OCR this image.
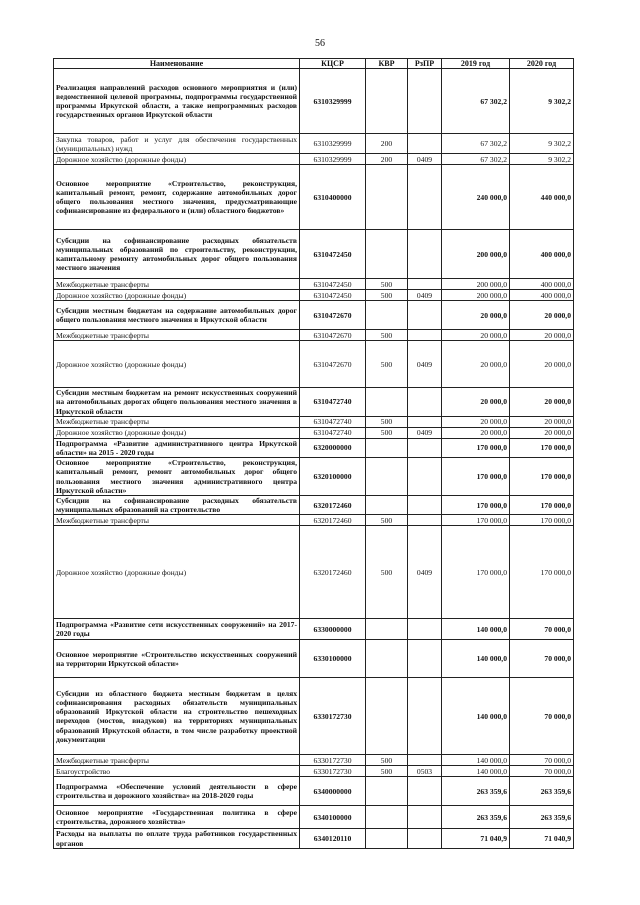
56
Наименование	КЦСР	КВР	РзПР	2019 год	2020 год
Реализация направлений расходов основного мероприятия и (или) ведомственной целевой программы, подпрограммы государственной программы Иркутской области, а также непрограммных расходов государственных органов Иркутской области	6310329999			67 302,2	9 302,2
Закупка товаров, работ и услуг для обеспечения государственных (муниципальных) нужд	6310329999	200		67 302,2	9 302,2
Дорожное хозяйство (дорожные фонды)	6310329999	200	0409	67 302,2	9 302,2
Основное мероприятие «Строительство, реконструкция, капитальный ремонт, ремонт, содержание автомобильных дорог общего пользования местного значения, предусматривающие софинансирование из федерального и (или) областного бюджетов»	6310400000			240 000,0	440 000,0
Субсидии на софинансирование расходных обязательств муниципальных образований по строительству, реконструкции, капитальному ремонту автомобильных дорог общего пользования местного значения	6310472450			200 000,0	400 000,0
Межбюджетные трансферты	6310472450	500		200 000,0	400 000,0
Дорожное хозяйство (дорожные фонды)	6310472450	500	0409	200 000,0	400 000,0
Субсидии местным бюджетам на содержание автомобильных дорог общего пользования местного значения в Иркутской области	6310472670			20 000,0	20 000,0
Межбюджетные трансферты	6310472670	500		20 000,0	20 000,0
Дорожное хозяйство (дорожные фонды)	6310472670	500	0409	20 000,0	20 000,0
Субсидии местным бюджетам на ремонт искусственных сооружений на автомобильных дорогах общего пользования местного значения в Иркутской области	6310472740			20 000,0	20 000,0
Межбюджетные трансферты	6310472740	500		20 000,0	20 000,0
Дорожное хозяйство (дорожные фонды)	6310472740	500	0409	20 000,0	20 000,0
Подпрограмма «Развитие административного центра Иркутской области» на 2015 - 2020 годы	6320000000			170 000,0	170 000,0
Основное мероприятие «Строительство, реконструкция, капитальный ремонт, ремонт автомобильных дорог общего пользования местного значения административного центра Иркутской области»	6320100000			170 000,0	170 000,0
Субсидии на софинансирование расходных обязательств муниципальных образований на строительство	6320172460			170 000,0	170 000,0
Межбюджетные трансферты	6320172460	500		170 000,0	170 000,0
Дорожное хозяйство (дорожные фонды)	6320172460	500	0409	170 000,0	170 000,0
Подпрограмма «Развитие сети искусственных сооружений» на 2017-2020 годы	6330000000			140 000,0	70 000,0
Основное мероприятие «Строительство искусственных сооружений на территории Иркутской области»	6330100000			140 000,0	70 000,0
Субсидии из областного бюджета местным бюджетам в целях софинансирования расходных обязательств муниципальных образований Иркутской области на строительство пешеходных переходов (мостов, виадуков) на территориях муниципальных образований Иркутской области, в том числе разработку проектной документации	6330172730			140 000,0	70 000,0
Межбюджетные трансферты	6330172730	500		140 000,0	70 000,0
Благоустройство	6330172730	500	0503	140 000,0	70 000,0
Подпрограмма «Обеспечение условий деятельности в сфере строительства и дорожного хозяйства» на 2018-2020 годы	6340000000			263 359,6	263 359,6
Основное мероприятие «Государственная политика в сфере строительства, дорожного хозяйства»	6340100000			263 359,6	263 359,6
Расходы на выплаты по оплате труда работников государственных органов	6340120110			71 040,9	71 040,9
